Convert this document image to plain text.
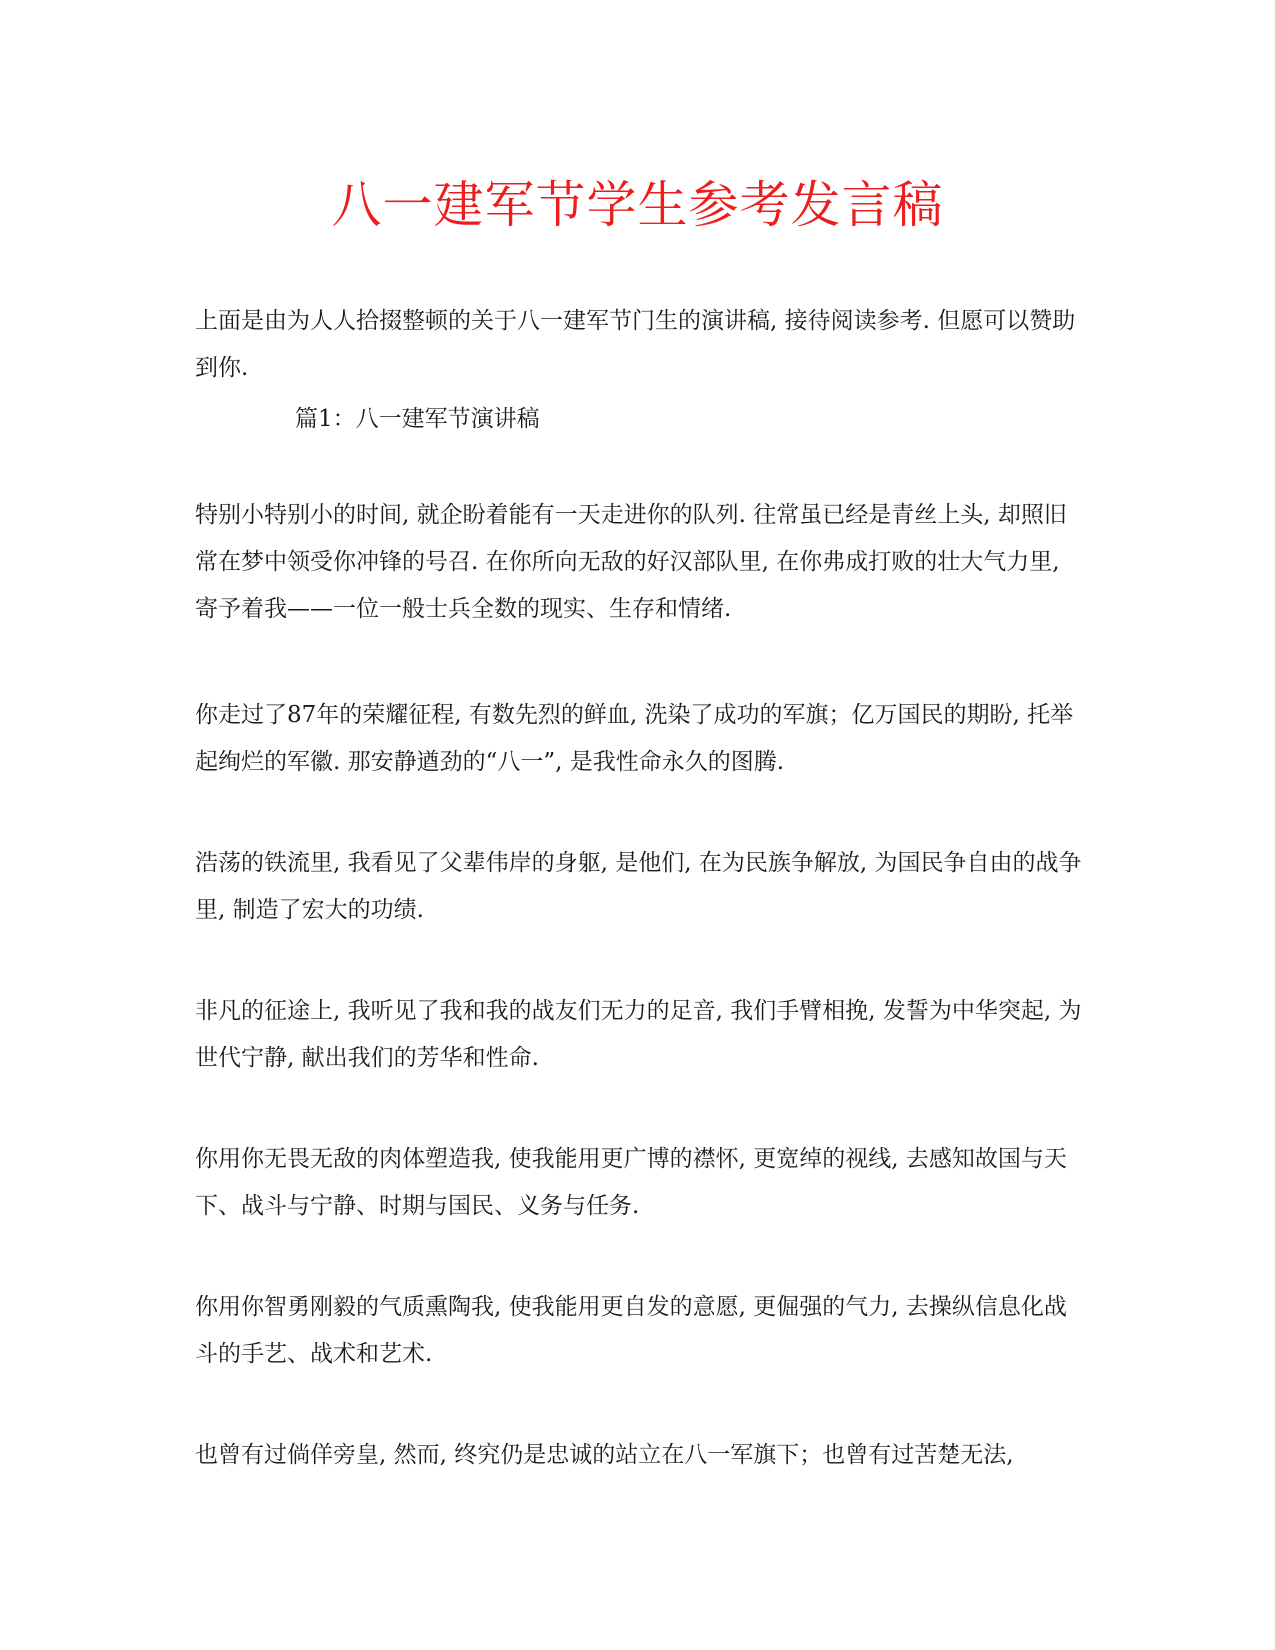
八一建军节学生参考发言稿

上面是由为人人拾掇整顿的关于八一建军节门生的演讲稿, 接待阅读参考. 但愿可以赞助到你.

篇1：八一建军节演讲稿

特别小特别小的时间, 就企盼着能有一天走进你的队列. 往常虽已经是青丝上头, 却照旧常在梦中领受你冲锋的号召. 在你所向无敌的好汉部队里, 在你弗成打败的壮大气力里, 寄予着我——一位一般士兵全数的现实、生存和情绪.

你走过了87年的荣耀征程, 有数先烈的鲜血, 洗染了成功的军旗；亿万国民的期盼, 托举起绚烂的军徽. 那安静遒劲的“八一”, 是我性命永久的图腾.

浩荡的铁流里, 我看见了父辈伟岸的身躯, 是他们, 在为民族争解放, 为国民争自由的战争里, 制造了宏大的功绩.

非凡的征途上, 我听见了我和我的战友们无力的足音, 我们手臂相挽, 发誓为中华突起, 为世代宁静, 献出我们的芳华和性命.

你用你无畏无敌的肉体塑造我, 使我能用更广博的襟怀, 更宽绰的视线, 去感知故国与天下、战斗与宁静、时期与国民、义务与任务.

你用你智勇刚毅的气质熏陶我, 使我能用更自发的意愿, 更倔强的气力, 去操纵信息化战斗的手艺、战术和艺术.

也曾有过倘佯旁皇, 然而, 终究仍是忠诚的站立在八一军旗下；也曾有过苦楚无法,
